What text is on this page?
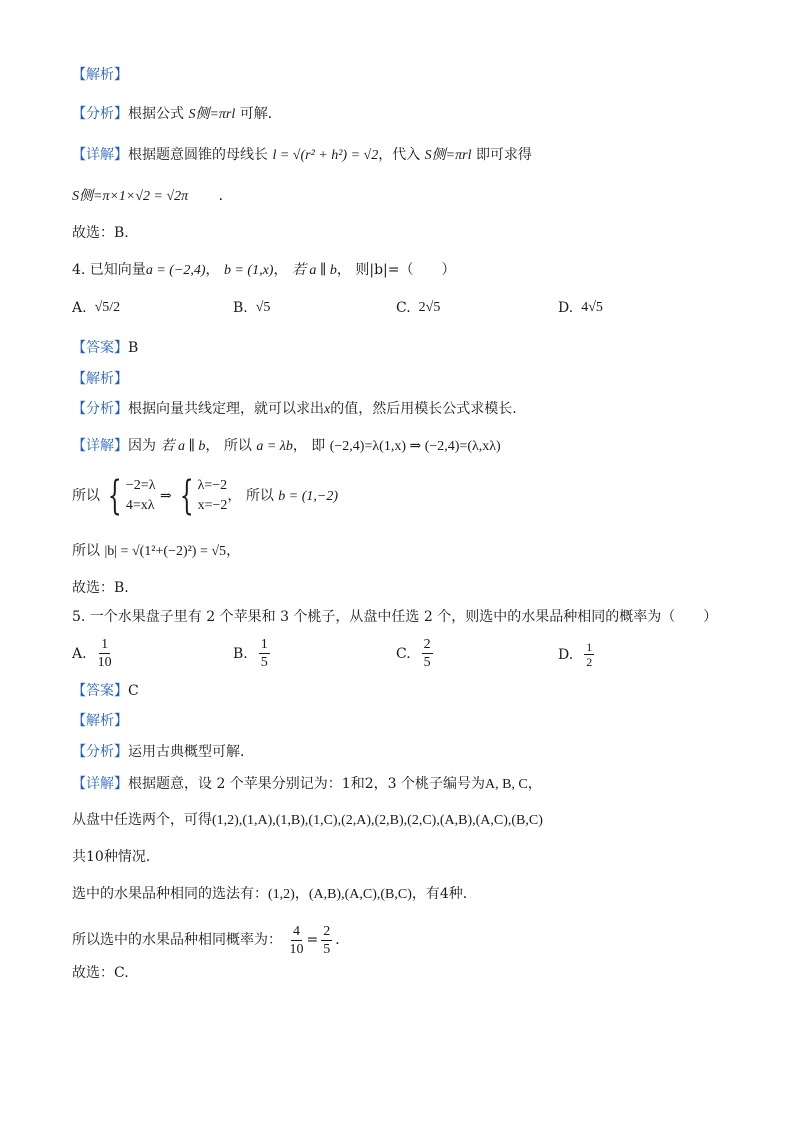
【解析】
【分析】根据公式 S侧=πrl 可解．
【详解】根据题意圆锥的母线长 l = √(r² + h²) = √2，代入 S侧=πrl 即可求得
S侧=π×1×√2 = √2π ．
故选：B.
4. 已知向量a = (−2,4)， b = (1,x)， 若 a ∥ b， 则|b|=（　　）
A. √5/2	B. √5	C. 2√5	D. 4√5
【答案】B
【解析】
【分析】根据向量共线定理，就可以求出x的值，然后用模长公式求模长.
【详解】因为 若 a ∥ b， 所以 a = λb， 即 (−2,4)=λ(1,x) ⇒ (−2,4)=(λ,xλ)
所以 { −2=λ
4=xλ
⇒ { λ=−2
x=−2
， 所以 b = (1,−2)
所以 |b| = √(1²+(−2)²) = √5，
故选：B.
5. 一个水果盘子里有 2 个苹果和 3 个桃子，从盘中任选 2 个，则选中的水果品种相同的概率为（　　）
A. $\frac{1}{10}$	B. $\frac{1}{5}$	C. $\frac{2}{5}$	D. $\frac{1}{2}$
【答案】C
【解析】
【分析】运用古典概型可解．
【详解】根据题意，设 2 个苹果分别记为：1和2，3 个桃子编号为A, B, C，
从盘中任选两个，可得(1,2),(1,A),(1,B),(1,C),(2,A),(2,B),(2,C),(A,B),(A,C),(B,C)
共10种情况．
选中的水果品种相同的选法有：(1,2)，(A,B),(A,C),(B,C)，有4种．
所以选中的水果品种相同概率为： $\frac{4}{10} = \frac{2}{5}$ ．
故选：C.
